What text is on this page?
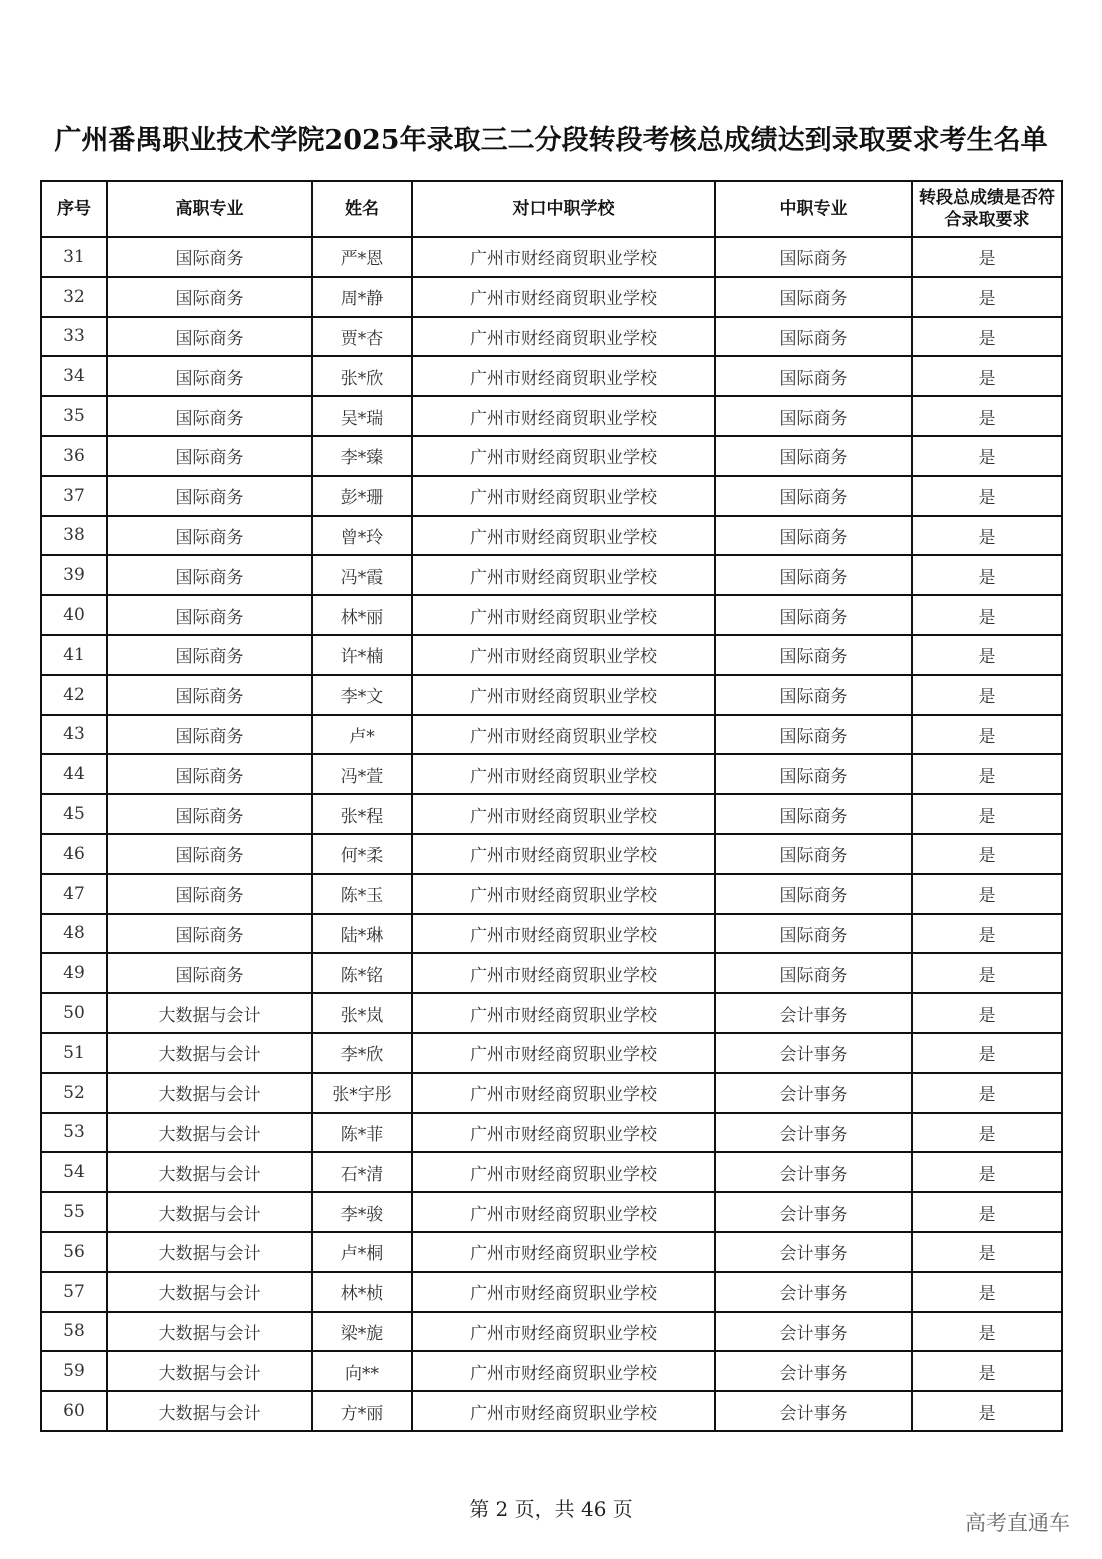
广州番禺职业技术学院2025年录取三二分段转段考核总成绩达到录取要求考生名单
序号	高职专业	姓名	对口中职学校	中职专业	转段总成绩是否符合录取要求
31	国际商务	严*恩	广州市财经商贸职业学校	国际商务	是
32	国际商务	周*静	广州市财经商贸职业学校	国际商务	是
33	国际商务	贾*杏	广州市财经商贸职业学校	国际商务	是
34	国际商务	张*欣	广州市财经商贸职业学校	国际商务	是
35	国际商务	吴*瑞	广州市财经商贸职业学校	国际商务	是
36	国际商务	李*臻	广州市财经商贸职业学校	国际商务	是
37	国际商务	彭*珊	广州市财经商贸职业学校	国际商务	是
38	国际商务	曾*玲	广州市财经商贸职业学校	国际商务	是
39	国际商务	冯*霞	广州市财经商贸职业学校	国际商务	是
40	国际商务	林*丽	广州市财经商贸职业学校	国际商务	是
41	国际商务	许*楠	广州市财经商贸职业学校	国际商务	是
42	国际商务	李*文	广州市财经商贸职业学校	国际商务	是
43	国际商务	卢*	广州市财经商贸职业学校	国际商务	是
44	国际商务	冯*萱	广州市财经商贸职业学校	国际商务	是
45	国际商务	张*程	广州市财经商贸职业学校	国际商务	是
46	国际商务	何*柔	广州市财经商贸职业学校	国际商务	是
47	国际商务	陈*玉	广州市财经商贸职业学校	国际商务	是
48	国际商务	陆*琳	广州市财经商贸职业学校	国际商务	是
49	国际商务	陈*铭	广州市财经商贸职业学校	国际商务	是
50	大数据与会计	张*岚	广州市财经商贸职业学校	会计事务	是
51	大数据与会计	李*欣	广州市财经商贸职业学校	会计事务	是
52	大数据与会计	张*宇彤	广州市财经商贸职业学校	会计事务	是
53	大数据与会计	陈*菲	广州市财经商贸职业学校	会计事务	是
54	大数据与会计	石*清	广州市财经商贸职业学校	会计事务	是
55	大数据与会计	李*骏	广州市财经商贸职业学校	会计事务	是
56	大数据与会计	卢*桐	广州市财经商贸职业学校	会计事务	是
57	大数据与会计	林*桢	广州市财经商贸职业学校	会计事务	是
58	大数据与会计	梁*旎	广州市财经商贸职业学校	会计事务	是
59	大数据与会计	向**	广州市财经商贸职业学校	会计事务	是
60	大数据与会计	方*丽	广州市财经商贸职业学校	会计事务	是
第 2 页，共 46 页
高考直通车
